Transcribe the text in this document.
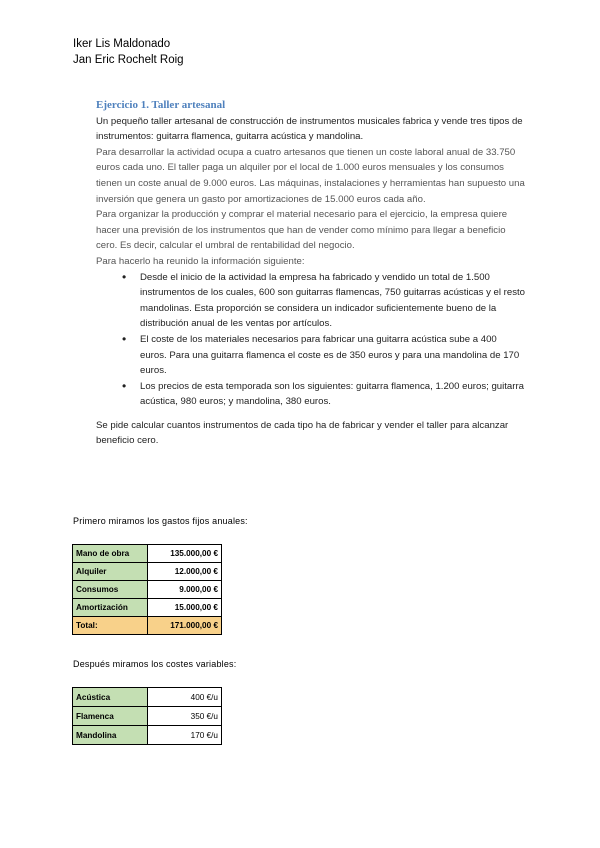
Iker Lis Maldonado
Jan Eric Rochelt Roig
Ejercicio 1. Taller artesanal

Un pequeño taller artesanal de construcción de instrumentos musicales fabrica y vende tres tipos de instrumentos: guitarra flamenca, guitarra acústica y mandolina.

Para desarrollar la actividad ocupa a cuatro artesanos que tienen un coste laboral anual de 33.750 euros cada uno. El taller paga un alquiler por el local de 1.000 euros mensuales y los consumos tienen un coste anual de 9.000 euros. Las máquinas, instalaciones y herramientas han supuesto una inversión que genera un gasto por amortizaciones de 15.000 euros cada año.

Para organizar la producción y comprar el material necesario para el ejercicio, la empresa quiere hacer una previsión de los instrumentos que han de vender como mínimo para llegar a beneficio cero. Es decir, calcular el umbral de rentabilidad del negocio.

Para hacerlo ha reunido la información siguiente:

• Desde el inicio de la actividad la empresa ha fabricado y vendido un total de 1.500 instrumentos de los cuales, 600 son guitarras flamencas, 750 guitarras acústicas y el resto mandolinas. Esta proporción se considera un indicador suficientemente bueno de la distribución anual de les ventas por artículos.
• El coste de los materiales necesarios para fabricar una guitarra acústica sube a 400 euros. Para una guitarra flamenca el coste es de 350 euros y para una mandolina de 170 euros.
• Los precios de esta temporada son los siguientes: guitarra flamenca, 1.200 euros; guitarra acústica, 980 euros; y mandolina, 380 euros.

Se pide calcular cuantos instrumentos de cada tipo ha de fabricar y vender el taller para alcanzar beneficio cero.

Primero miramos los gastos fijos anuales:
Mano de obra	135.000,00 €
Alquiler	12.000,00 €
Consumos	9.000,00 €
Amortización	15.000,00 €
Total:	171.000,00 €
Después miramos los costes variables:
Acústica	400 €/u
Flamenca	350 €/u
Mandolina	170 €/u
